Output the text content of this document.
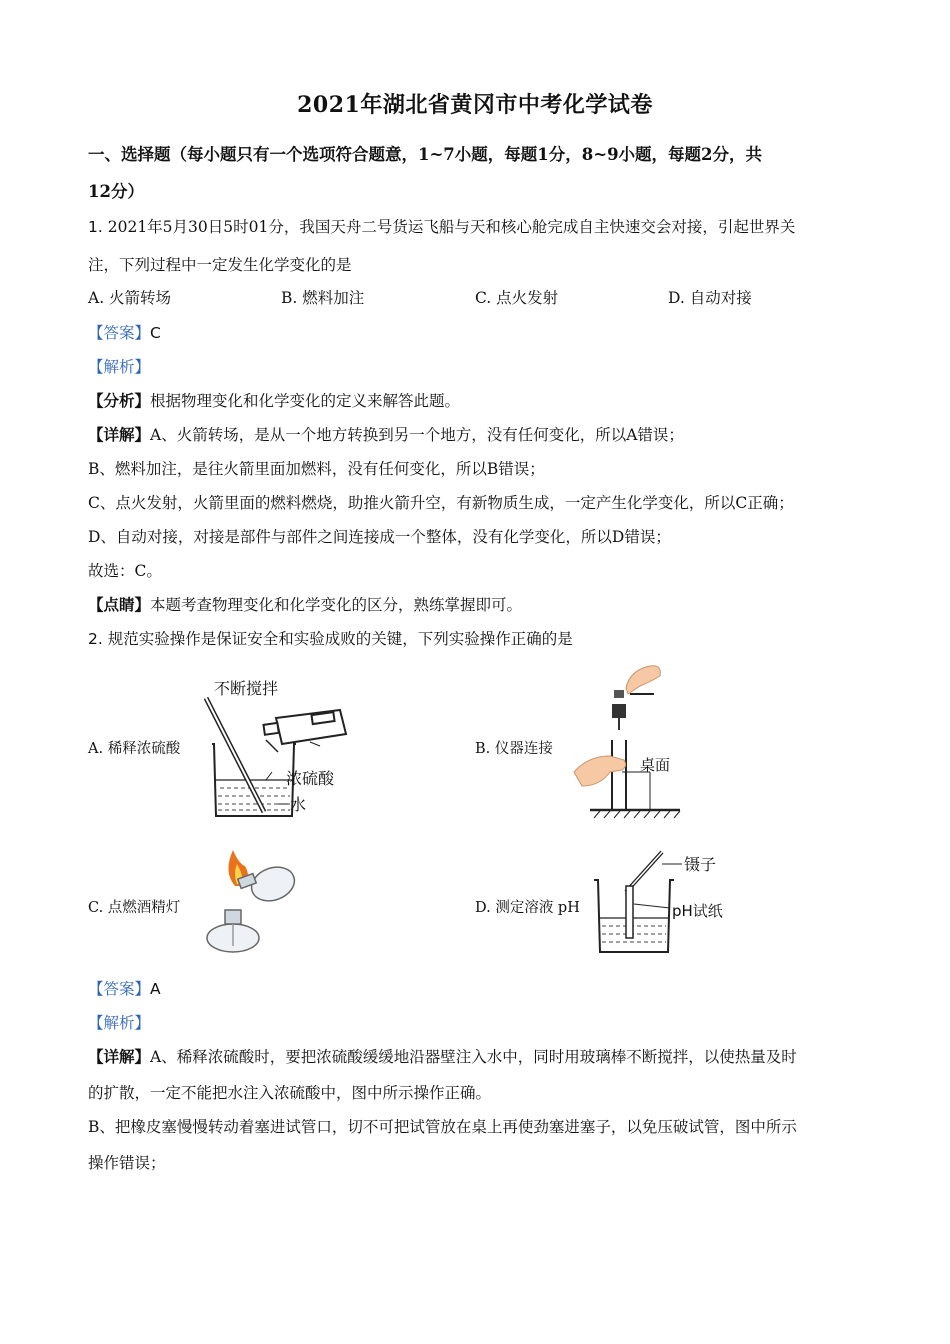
2021年湖北省黄冈市中考化学试卷
一、选择题（每小题只有一个选项符合题意，1~7小题，每题1分，8~9小题，每题2分，共
12分）
1. 2021年5月30日5时01分，我国天舟二号货运飞船与天和核心舱完成自主快速交会对接，引起世界关
注，下列过程中一定发生化学变化的是
A. 火箭转场	B. 燃料加注	C. 点火发射	D. 自动对接
【答案】C
【解析】
【分析】根据物理变化和化学变化的定义来解答此题。
【详解】A、火箭转场，是从一个地方转换到另一个地方，没有任何变化，所以A错误；
B、燃料加注，是往火箭里面加燃料，没有任何变化，所以B错误；
C、点火发射，火箭里面的燃料燃烧，助推火箭升空，有新物质生成，一定产生化学变化，所以C正确；
D、自动对接，对接是部件与部件之间连接成一个整体，没有化学变化，所以D错误；
故选：C。
【点睛】本题考查物理变化和化学变化的区分，熟练掌握即可。
2. 规范实验操作是保证安全和实验成败的关键，下列实验操作正确的是
A. 稀释浓硫酸	B. 仪器连接
C. 点燃酒精灯	D. 测定溶液 pH
不断搅拌
浓硫酸
水
桌面
镊子
pH试纸
【答案】A
【解析】
【详解】A、稀释浓硫酸时，要把浓硫酸缓缓地沿器壁注入水中，同时用玻璃棒不断搅拌，以使热量及时
的扩散，一定不能把水注入浓硫酸中，图中所示操作正确。
B、把橡皮塞慢慢转动着塞进试管口，切不可把试管放在桌上再使劲塞进塞子，以免压破试管，图中所示
操作错误；
